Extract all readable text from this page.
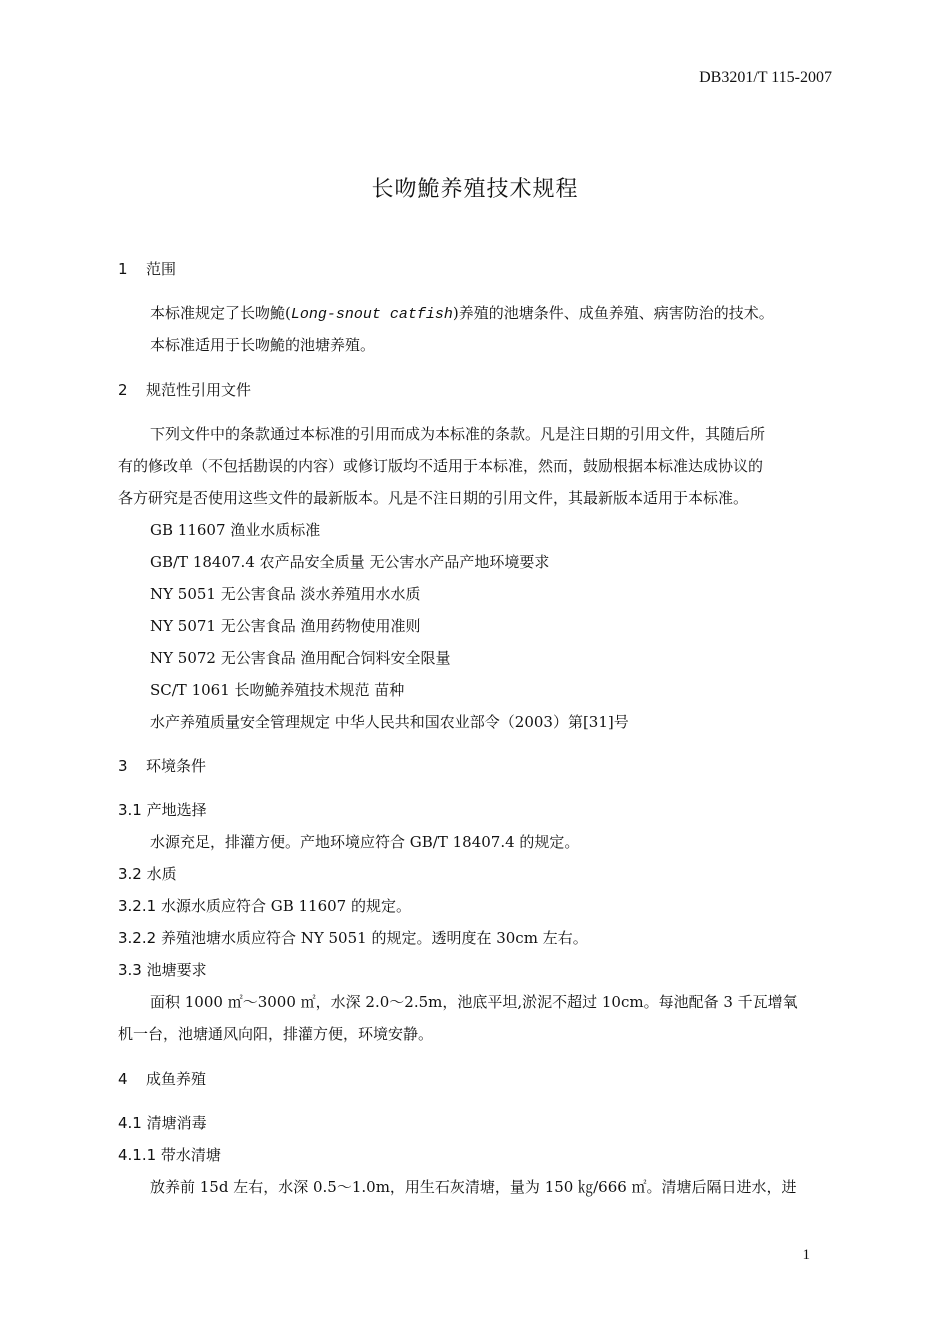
DB3201/T 115-2007
长吻鮠养殖技术规程
1 范围
本标准规定了长吻鮠(Long-snout catfish)养殖的池塘条件、成鱼养殖、病害防治的技术。
本标准适用于长吻鮠的池塘养殖。
2 规范性引用文件
下列文件中的条款通过本标准的引用而成为本标准的条款。凡是注日期的引用文件，其随后所
有的修改单（不包括勘误的内容）或修订版均不适用于本标准，然而，鼓励根据本标准达成协议的
各方研究是否使用这些文件的最新版本。凡是不注日期的引用文件，其最新版本适用于本标准。
GB 11607 渔业水质标准
GB/T 18407.4 农产品安全质量 无公害水产品产地环境要求
NY 5051 无公害食品 淡水养殖用水水质
NY 5071 无公害食品 渔用药物使用准则
NY 5072 无公害食品 渔用配合饲料安全限量
SC/T 1061 长吻鮠养殖技术规范 苗种
水产养殖质量安全管理规定 中华人民共和国农业部令（2003）第[31]号
3 环境条件
3.1 产地选择
水源充足，排灌方便。产地环境应符合 GB/T 18407.4 的规定。
3.2 水质
3.2.1 水源水质应符合 GB 11607 的规定。
3.2.2 养殖池塘水质应符合 NY 5051 的规定。透明度在 30cm 左右。
3.3 池塘要求
面积 1000 ㎡～3000 ㎡，水深 2.0～2.5m，池底平坦,淤泥不超过 10cm。每池配备 3 千瓦增氧
机一台，池塘通风向阳，排灌方便，环境安静。
4 成鱼养殖
4.1 清塘消毒
4.1.1 带水清塘
放养前 15d 左右，水深 0.5～1.0m，用生石灰清塘，量为 150 ㎏/666 ㎡。清塘后隔日进水，进
1
